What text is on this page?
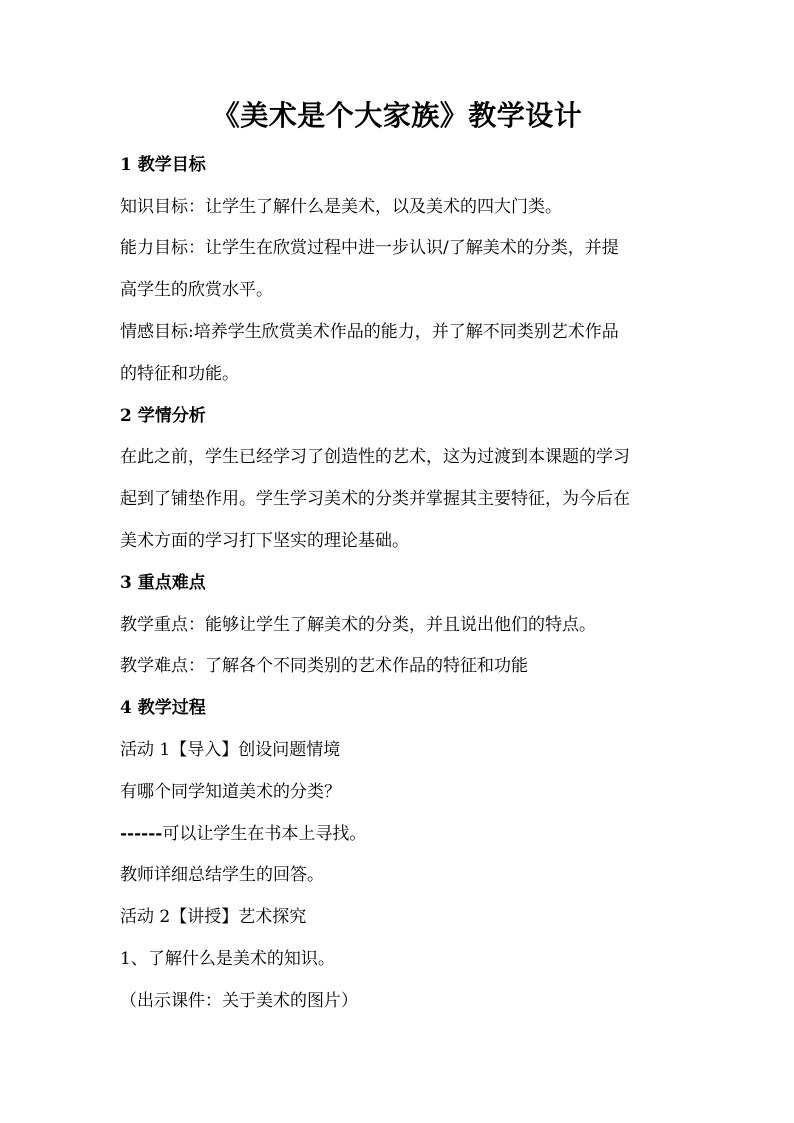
《美术是个大家族》教学设计
1 教学目标
知识目标：让学生了解什么是美术，以及美术的四大门类。
能力目标：让学生在欣赏过程中进一步认识/了解美术的分类，并提
高学生的欣赏水平。
情感目标:培养学生欣赏美术作品的能力，并了解不同类别艺术作品
的特征和功能。
2 学情分析
在此之前，学生已经学习了创造性的艺术，这为过渡到本课题的学习
起到了铺垫作用。学生学习美术的分类并掌握其主要特征，为今后在
美术方面的学习打下坚实的理论基础。
3 重点难点
教学重点：能够让学生了解美术的分类，并且说出他们的特点。
教学难点：了解各个不同类别的艺术作品的特征和功能
4 教学过程
活动 1【导入】创设问题情境
有哪个同学知道美术的分类？
------ 可以让学生在书本上寻找。
教师详细总结学生的回答。
活动 2【讲授】艺术探究
1、了解什么是美术的知识。
（出示课件：关于美术的图片）
